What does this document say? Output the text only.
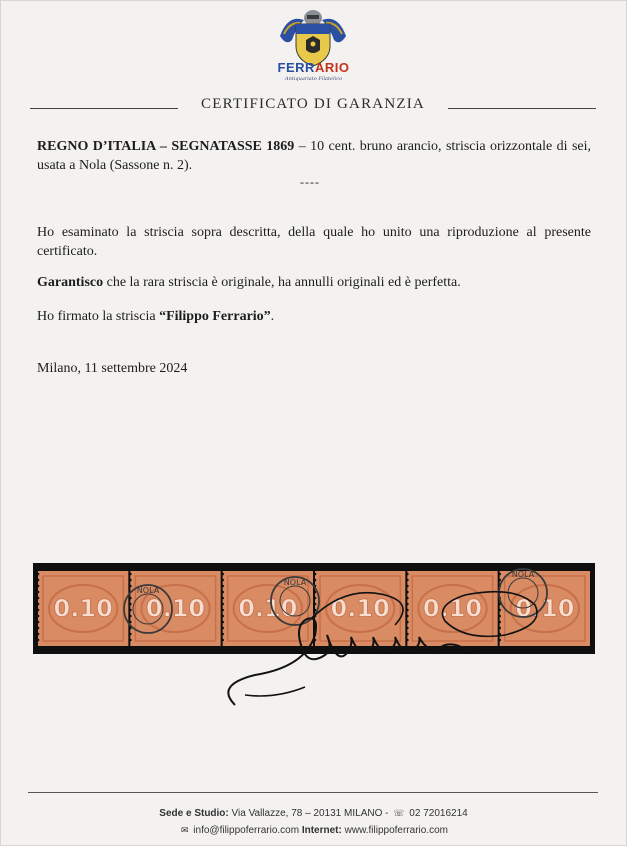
FERRARIO
Antiquariato Filatelico
CERTIFICATO DI GARANZIA
REGNO D’ITALIA – SEGNATASSE 1869 – 10 cent. bruno arancio, striscia orizzontale di sei, usata a Nola (Sassone n. 2).
----
Ho esaminato la striscia sopra descritta, della quale ho unito una riproduzione al presente certificato.
Garantisco che la rara striscia è originale, ha annulli originali ed è perfetta.
Ho firmato la striscia “Filippo Ferrario”.
Milano, 11 settembre 2024
0.10 0.10 0.10 0.10 0.10 0.10
NOLA
NOLA
NOLA
Sede e Studio: Via Vallazze, 78 – 20131 MILANO - ☏ 02 72016214
✉ info@filippoferrario.com Internet: www.filippoferrario.com
